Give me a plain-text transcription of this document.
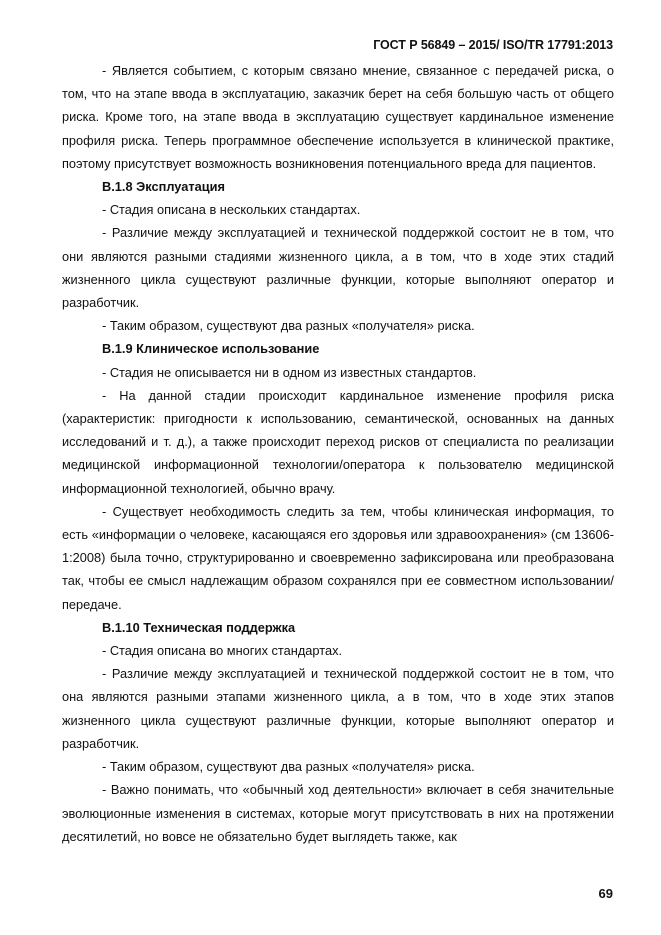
ГОСТ Р 56849 – 2015/ ISO/TR 17791:2013

- Является событием, с которым связано мнение, связанное с передачей риска, о том, что на этапе ввода в эксплуатацию, заказчик берет на себя большую часть от общего риска. Кроме того, на этапе ввода в эксплуатацию существует кардинальное изменение профиля риска. Теперь программное обеспечение используется в клинической практике, поэтому присутствует возможность возникновения потенциального вреда для пациентов.

B.1.8 Эксплуатация

- Стадия описана в нескольких стандартах.

- Различие между эксплуатацией и технической поддержкой состоит не в том, что они являются разными стадиями жизненного цикла, а в том, что в ходе этих стадий жизненного цикла существуют различные функции, которые выполняют оператор и разработчик.

- Таким образом, существуют два разных «получателя» риска.

B.1.9 Клиническое использование

- Стадия не описывается ни в одном из известных стандартов.

- На данной стадии происходит кардинальное изменение профиля риска (характеристик: пригодности к использованию, семантической, основанных на данных исследований и т. д.), а также происходит переход рисков от специалиста по реализации медицинской информационной технологии/оператора к пользователю медицинской информационной технологией, обычно врачу.

- Существует необходимость следить за тем, чтобы клиническая информация, то есть «информации о человеке, касающаяся его здоровья или здравоохранения» (см 13606-1:2008) была точно, структурированно и своевременно зафиксирована или преобразована так, чтобы ее смысл надлежащим образом сохранялся при ее совместном использовании/передаче.

B.1.10 Техническая поддержка

- Стадия описана во многих стандартах.

- Различие между эксплуатацией и технической поддержкой состоит не в том, что она являются разными этапами жизненного цикла, а в том, что в ходе этих этапов жизненного цикла существуют различные функции, которые выполняют оператор и разработчик.

- Таким образом, существуют два разных «получателя» риска.

- Важно понимать, что «обычный ход деятельности» включает в себя значительные эволюционные изменения в системах, которые могут присутствовать в них на протяжении десятилетий, но вовсе не обязательно будет выглядеть также, как

69
